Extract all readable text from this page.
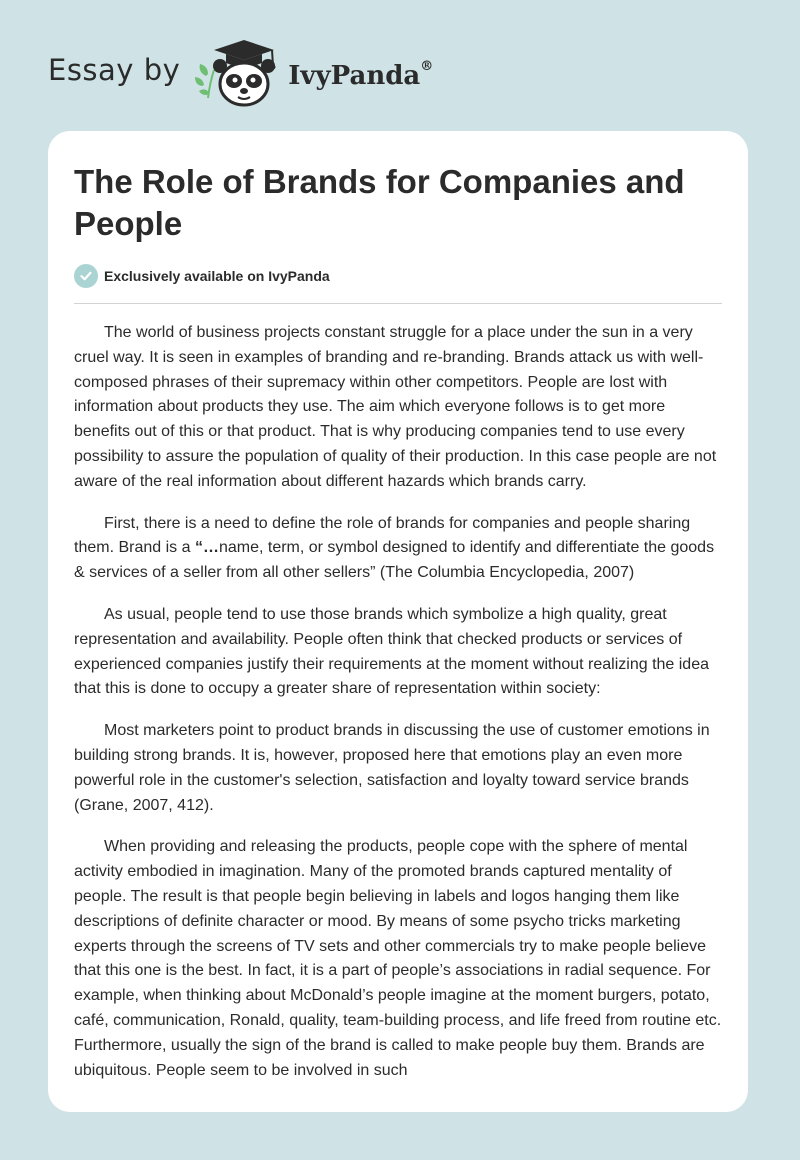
Essay by	IvyPanda®
The Role of Brands for Companies and People
Exclusively available on IvyPanda

The world of business projects constant struggle for a place under the sun in a very cruel way. It is seen in examples of branding and re-branding. Brands attack us with well-composed phrases of their supremacy within other competitors. People are lost with information about products they use. The aim which everyone follows is to get more benefits out of this or that product. That is why producing companies tend to use every possibility to assure the population of quality of their production. In this case people are not aware of the real information about different hazards which brands carry.

First, there is a need to define the role of brands for companies and people sharing them. Brand is a “…name, term, or symbol designed to identify and differentiate the goods & services of a seller from all other sellers” (The Columbia Encyclopedia, 2007)

As usual, people tend to use those brands which symbolize a high quality, great representation and availability. People often think that checked products or services of experienced companies justify their requirements at the moment without realizing the idea that this is done to occupy a greater share of representation within society:

Most marketers point to product brands in discussing the use of customer emotions in building strong brands. It is, however, proposed here that emotions play an even more powerful role in the customer's selection, satisfaction and loyalty toward service brands (Grane, 2007, 412).

When providing and releasing the products, people cope with the sphere of mental activity embodied in imagination. Many of the promoted brands captured mentality of people. The result is that people begin believing in labels and logos hanging them like descriptions of definite character or mood. By means of some psycho tricks marketing experts through the screens of TV sets and other commercials try to make people believe that this one is the best. In fact, it is a part of people’s associations in radial sequence. For example, when thinking about McDonald’s people imagine at the moment burgers, potato, café, communication, Ronald, quality, team-building process, and life freed from routine etc. Furthermore, usually the sign of the brand is called to make people buy them. Brands are ubiquitous. People seem to be involved in such
